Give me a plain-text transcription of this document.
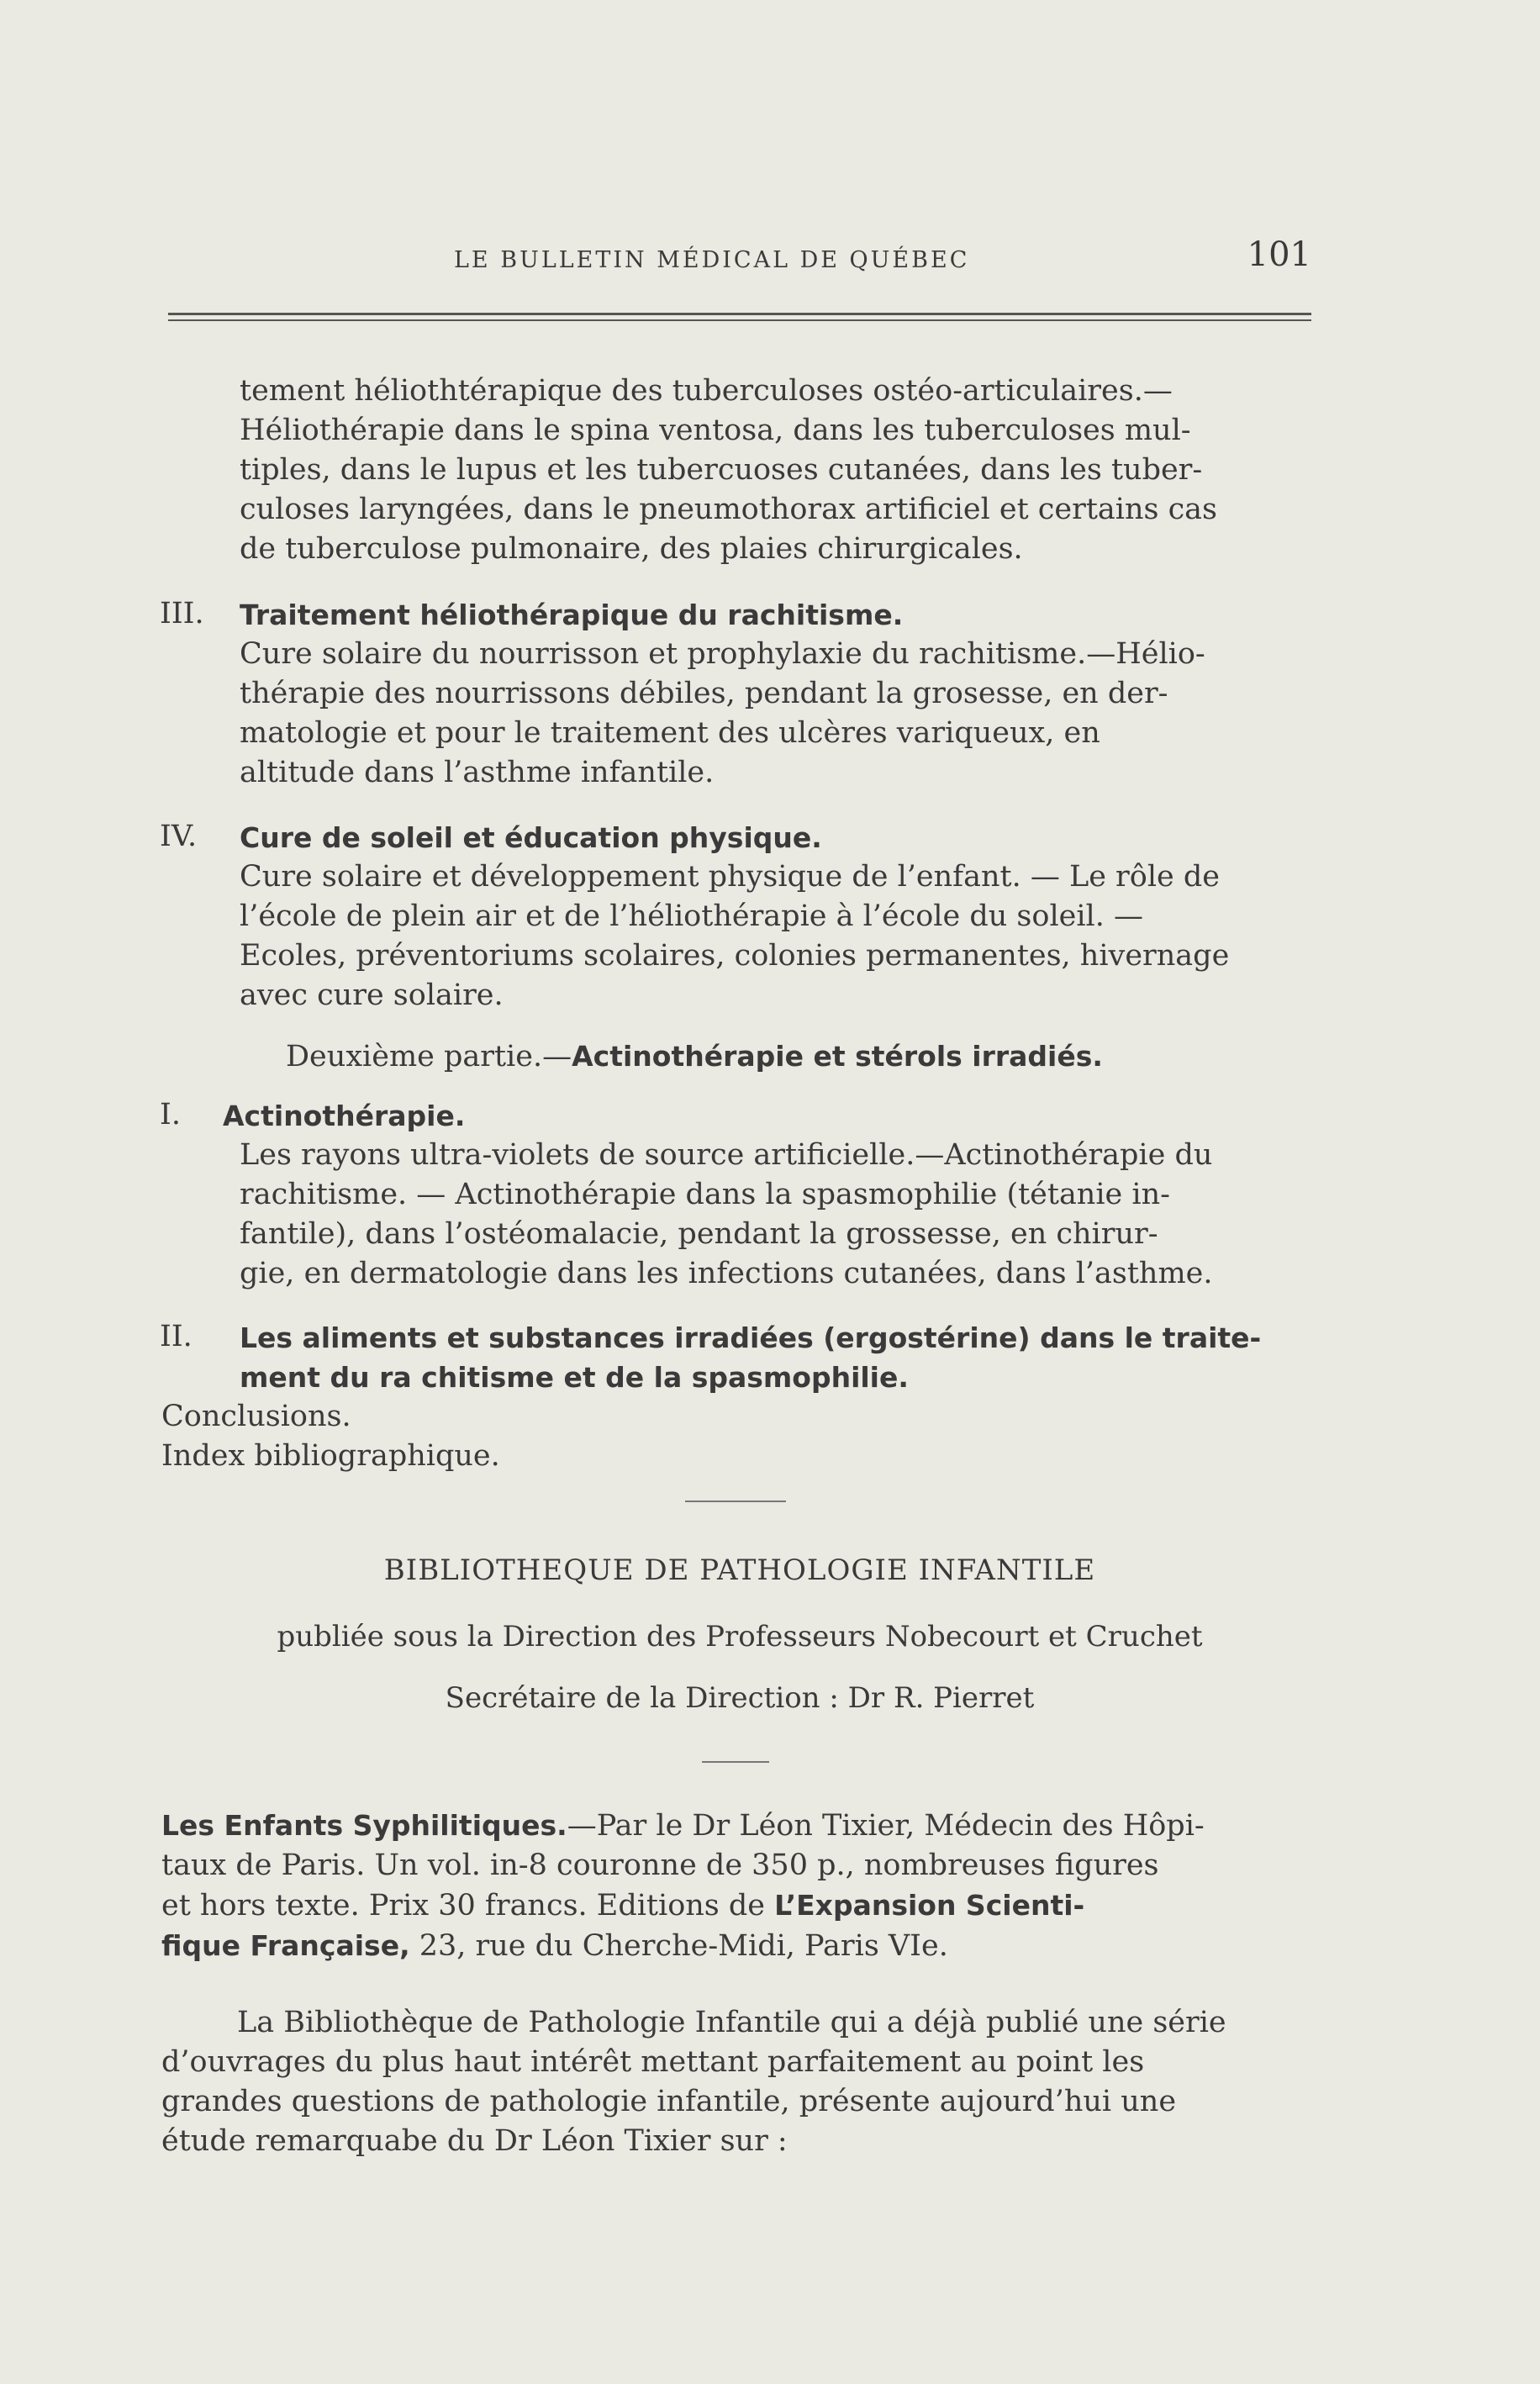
LE BULLETIN MÉDICAL DE QUÉBEC	101
tement héliothtérapique des tuberculoses ostéo-articulaires.—
Héliothérapie dans le spina ventosa, dans les tuberculoses mul-
tiples, dans le lupus et les tubercuoses cutanées, dans les tuber-
culoses laryngées, dans le pneumothorax artificiel et certains cas
de tuberculose pulmonaire, des plaies chirurgicales.
III. Traitement héliothérapique du rachitisme.
Cure solaire du nourrisson et prophylaxie du rachitisme.—Hélio-
thérapie des nourrissons débiles, pendant la grosesse, en der-
matologie et pour le traitement des ulcères variqueux, en
altitude dans l’asthme infantile.
IV. Cure de soleil et éducation physique.
Cure solaire et développement physique de l’enfant. — Le rôle de
l’école de plein air et de l’héliothérapie à l’école du soleil. —
Ecoles, préventoriums scolaires, colonies permanentes, hivernage
avec cure solaire.
Deuxième partie.—Actinothérapie et stérols irradiés.
I. Actinothérapie.
Les rayons ultra-violets de source artificielle.—Actinothérapie du
rachitisme. — Actinothérapie dans la spasmophilie (tétanie in-
fantile), dans l’ostéomalacie, pendant la grossesse, en chirur-
gie, en dermatologie dans les infections cutanées, dans l’asthme.
II. Les aliments et substances irradiées (ergostérine) dans le traite-
ment du ra chitisme et de la spasmophilie.
Conclusions.
Index bibliographique.
BIBLIOTHEQUE DE PATHOLOGIE INFANTILE
publiée sous la Direction des Professeurs Nobecourt et Cruchet
Secrétaire de la Direction : Dr R. Pierret
Les Enfants Syphilitiques.—Par le Dr Léon Tixier, Médecin des Hôpi-
taux de Paris. Un vol. in-8 couronne de 350 p., nombreuses figures
et hors texte. Prix 30 francs. Editions de L’Expansion Scienti-
fique Française, 23, rue du Cherche-Midi, Paris VIe.
La Bibliothèque de Pathologie Infantile qui a déjà publié une série
d’ouvrages du plus haut intérêt mettant parfaitement au point les
grandes questions de pathologie infantile, présente aujourd’hui une
étude remarquabe du Dr Léon Tixier sur :
